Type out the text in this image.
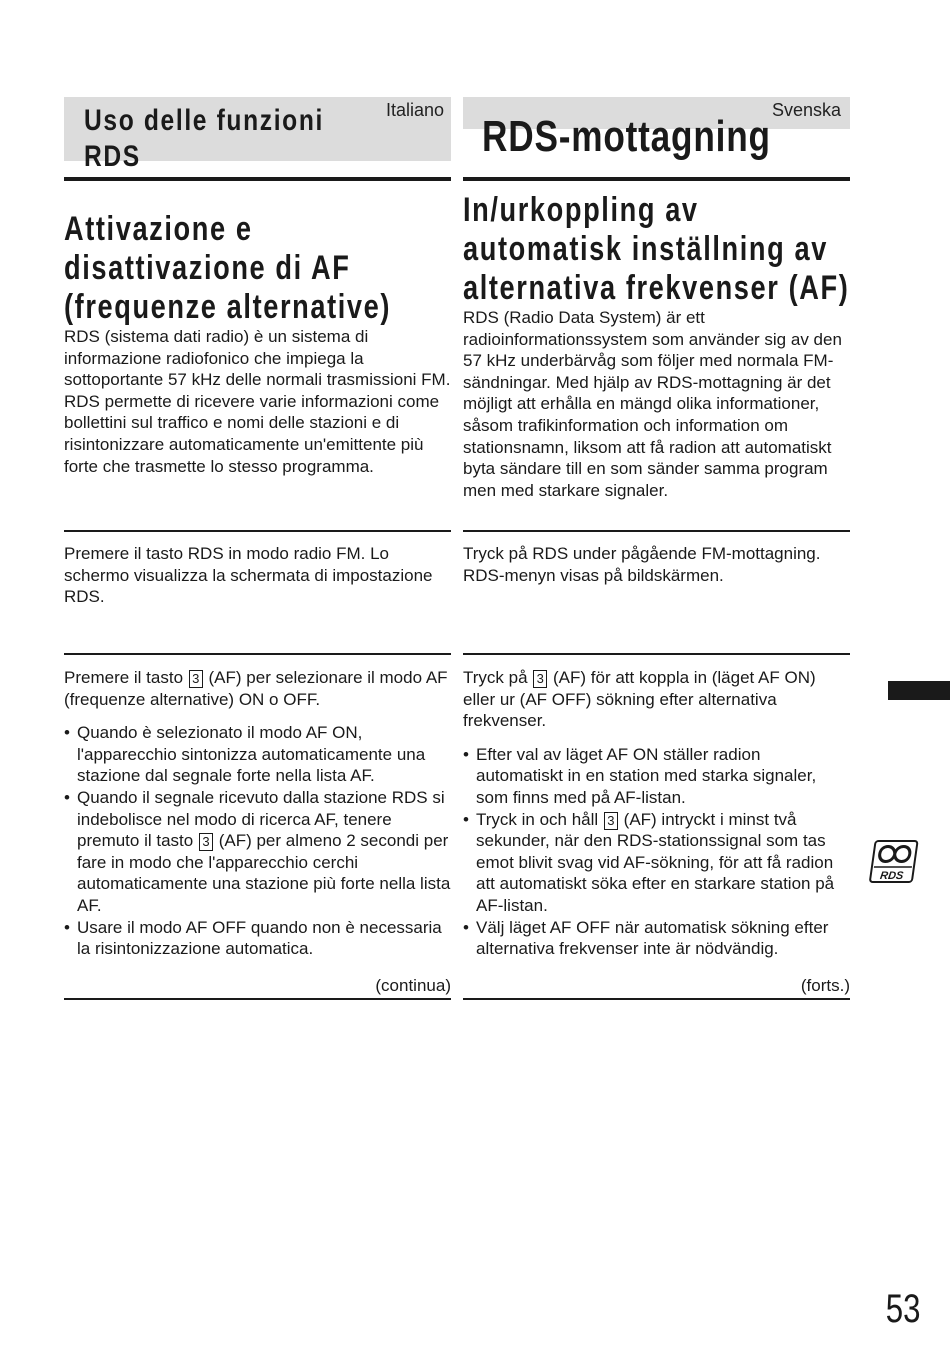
Italiano
Uso delle funzioni
RDS
Attivazione e
disattivazione di AF
(frequenze alternative)
RDS (sistema dati radio) è un sistema di informazione radiofonico che impiega la sottoportante 57 kHz delle normali trasmissioni FM. RDS permette di ricevere varie informazioni come bollettini sul traffico e nomi delle stazioni e di risintonizzare automaticamente un'emittente più forte che trasmette lo stesso programma.
Premere il tasto RDS in modo radio FM. Lo schermo visualizza la schermata di impostazione RDS.

Premere il tasto 3 (AF) per selezionare il modo AF (frequenze alternative) ON o OFF.

• Quando è selezionato il modo AF ON, l'apparecchio sintonizza automaticamente una stazione dal segnale forte nella lista AF.
• Quando il segnale ricevuto dalla stazione RDS si indebolisce nel modo di ricerca AF, tenere premuto il tasto 3 (AF) per almeno 2 secondi per fare in modo che l'apparecchio cerchi automaticamente una stazione più forte nella lista AF.
• Usare il modo AF OFF quando non è necessaria la risintonizzazione automatica.
(continua)
Svenska
RDS-mottagning
In/urkoppling av
automatisk inställning av
alternativa frekvenser (AF)
RDS (Radio Data System) är ett radioinformationssystem som använder sig av den 57 kHz underbärvåg som följer med normala FM-sändningar. Med hjälp av RDS-mottagning är det möjligt att erhålla en mängd olika informationer, såsom trafikinformation och information om stationsnamn, liksom att få radion att automatiskt byta sändare till en som sänder samma program men med starkare signaler.
Tryck på RDS under pågående FM-mottagning. RDS-menyn visas på bildskärmen.

Tryck på 3 (AF) för att koppla in (läget AF ON) eller ur (AF OFF) sökning efter alternativa frekvenser.

• Efter val av läget AF ON ställer radion automatiskt in en station med starka signaler, som finns med på AF-listan.
• Tryck in och håll 3 (AF) intryckt i minst två sekunder, när den RDS-stationssignal som tas emot blivit svag vid AF-sökning, för att få radion att automatiskt söka efter en starkare station på AF-listan.
• Välj läget AF OFF när automatisk sökning efter alternativa frekvenser inte är nödvändig.
(forts.)
RDS
53
